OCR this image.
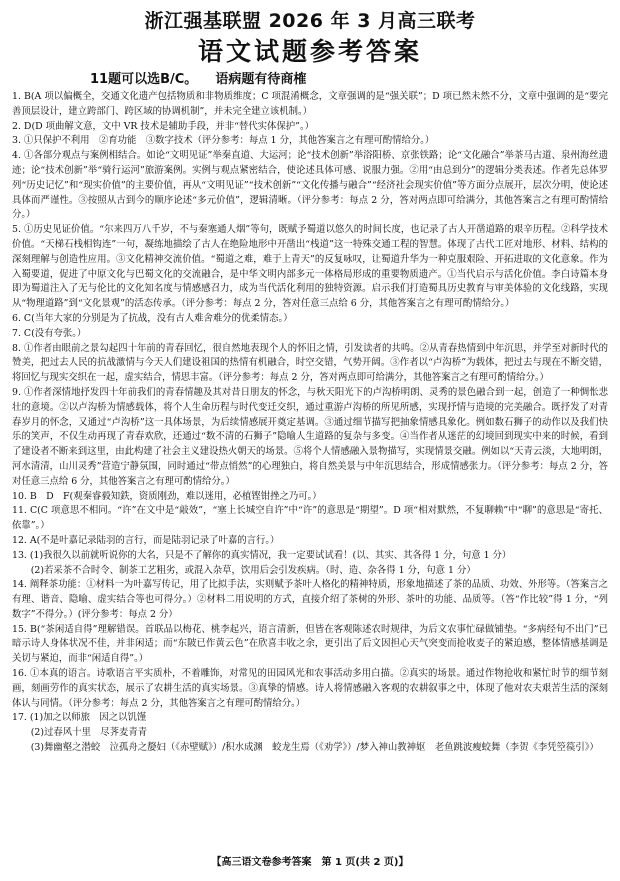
浙江强基联盟 2026 年 3 月高三联考
语文试题参考答案
11题可以选B/C。    语病题有待商榷
1. B(A 项以偏概全，交通文化遗产包括物质和非物质维度；C 项混淆概念，文章强调的是“强关联”；D 项已然未然不分，文章中强调的是“要完善顶层设计，建立跨部门、跨区域的协调机制”，并未完全建立该机制。）
2. D(D 项曲解文意，文中 VR 技术是辅助手段，并非“替代实体保护”。）
3. ①只保护不利用　②育功能　③数字技术（评分参考：每点 1 分，其他答案言之有理可酌情给分。）
4. ①各部分观点与案例相结合。如论“文明见证”举秦直道、大运河；论“技术创新”举浴阳桥、京张铁路；论“文化融合”举茶马古道、泉州海丝遗迹；论“技术创新”举“骑行运河”旅游案例。实例与观点紧密结合，使论述具体可感、说服力强。②用“由总到分”的逻辑分类表述。作者先总体罗列“历史记忆”和“现实价值”的主要价值，再从“文明见证”“技术创新”“文化传播与融合”“经济社会现实价值”等方面分点展开，层次分明，使论述具体而严谨性。③按照从古到今的顺序论述“多元价值”，逻辑清晰。（评分参考：每点 2 分，答对两点即可给满分，其他答案言之有理可酌情给分。）
5. ①历史见证价值。“尔来四万八千岁，不与秦塞通人烟”等句，既赋予蜀道以悠久的时间长度，也记录了古人开凿道路的艰辛历程。②科学技术价值。“天梯石栈相钩连”一句，凝练地描绘了古人在绝险地形中开凿出“栈道”这一特殊交通工程的智慧。体现了古代工匠对地形、材料、结构的深刻理解与创造性应用。③文化精神交流价值。“蜀道之难，难于上青天”的反复咏叹，让蜀道升华为一种克服艰险、开拓进取的文化意象。作为入蜀要道，促进了中原文化与巴蜀文化的交流融合，是中华文明内部多元一体格局形成的重要物质遗产。①当代启示与活化价值。李白诗篇本身即为蜀道注入了无与伦比的文化知名度与情感感召力，成为当代活化利用的独特资源。启示我们打造蜀具历史教育与审美体验的文化线路，实现从“物理道路”到“文化景观”的活态传承。（评分参考：每点 2 分，答对任意三点给 6 分，其他答案言之有理可酌情给分。）
6. C(当年大家的分别是为了抗战，没有古人难舍难分的优柔情态。）
7. C(没有夸张。）
8. ①作者由眼前之景勾起四十年前的青春回忆，很自然地表现个人的怀旧之情，引发读者的共鸣。②从青春热情到中年沉思，并学至对新时代的赞美，把过去人民的抗战激情与今天人们建设祖国的热情有机融合，时空交错，气势开阔。③作者以“卢沟桥”为载体，把过去与现在不断交错，将回忆与现实交织在一起，虚实结合，情思丰富。（评分参考：每点 2 分，答对两点即可给满分，其他答案言之有理可酌情给分。）
9. ①作者深情地抒发四十年前我们的青春情趣及其对昔日朋友的怀念，与秋天阳光下的卢沟桥明朗、灵秀的景色融合到一起，创造了一种惆怅悲壮的意境。②以卢沟桥为情感载体，将个人生命历程与时代变迁交织，通过重游卢沟桥的所见所感，实现抒情与造境的完美融合。既抒发了对青春岁月的怀念，又通过“卢沟桥”这一具体场景，为后续情感展开奠定基调。③通过细节描写把抽象情感具象化。例如数石狮子的动作以及我们快乐的笑声，不仅生动再现了青春欢欣，还通过“数不清的石狮子”隐喻人生道路的复杂与多变。④当作者从迷茫的幻境回到现实中来的时候，看到了建设者不断来到这里，由此构建了社会主义建设热火朝天的场景。⑤将个人情感融入景物描写，实现情景交融。例如以“天青云淡，大地明朗，河水清清，山川灵秀”营造宁静氛围，同时通过“带点悄然”的心理独白，将自然美景与中年沉思结合，形成情感张力。（评分参考：每点 2 分，答对任意三点给 6 分，其他答案言之有理可酌情给分。）
10. B　D　F(观秦睿毅知鉄，资质刚劲，难以迷用，必植铿钳挫之乃可。）
11. C(C 项意思不相同。“许”在文中是“敲效”，“塞上长城空自许”中“许”的意思是“期望”。D 项“相对默然，不复聊赖”中“聊”的意思是“寄托、依靠”。）
12. A(不是叶嘉记录陆羽的言行，而是陆羽记录了叶嘉的言行。）
13. (1)我很久以前就听说你的大名，只是不了解你的真实情况，我一定要试试看！(以、其实、其各得 1 分，句意 1 分）
　　(2)若采茶不合时令、制茶工艺粗劣，或混入杂草，饮用后会引发疾病。（时、造、杂各得 1 分，句意 1 分）
14. 阐释茶功能：①材料一为叶嘉写传记，用了比拟手法，实则赋予茶叶人格化的精神特质，形象地描述了茶的品质、功效、外形等。（答案言之有理、谐音、隐喻、虚实结合等也可得分。）②材料二用说明的方式，直接介绍了茶树的外形、茶叶的功能、品质等。（答“作比较”得 1 分，“列数字”不得分。）(评分参考：每点 2 分）
15. B(“茶闲适自得”理解错误。首联品以梅花、桃李起兴，语言清新，但皆在客观陈述农时规律，为后文农事忙碌做铺垫。“多病经旬不出门”已暗示诗人身体状况不佳，并非闲适；而“东陂已作黄云色”在欣喜丰收之余，更引出了后文因担心天气突变而抢收麦子的紧迫感，整体情感基调是关切与紧迫，而非“闲适自得”。）
16. ①本真的语言。诗歌语言平实质朴，不着雕饰，对常见的田园风光和农事活动多用白描。②真实的场景。通过作物抢收和紧忙时节的细节刻画，刻画劳作的真实状态，展示了农耕生活的真实场景。③真挚的情感。诗人将情感融入客观的农耕叙事之中，体现了他对农夫艰苦生活的深刻体认与同情。（评分参考：每点 2 分，其他答案言之有理可酌情给分。）
17. (1)加之以师旅　因之以饥馑
　　(2)过春风十里　尽荠麦青青
　　(3)舞幽壑之潜蛟　泣孤舟之嫠妇（《赤壁赋》）/积水成渊　蛟龙生焉（《劝学》）/梦入神山教神妪　老鱼跳波瘦蛟舞（李贺《李凭箜篌引》）
【高三语文卷参考答案　第 1 页(共 2 页)】
